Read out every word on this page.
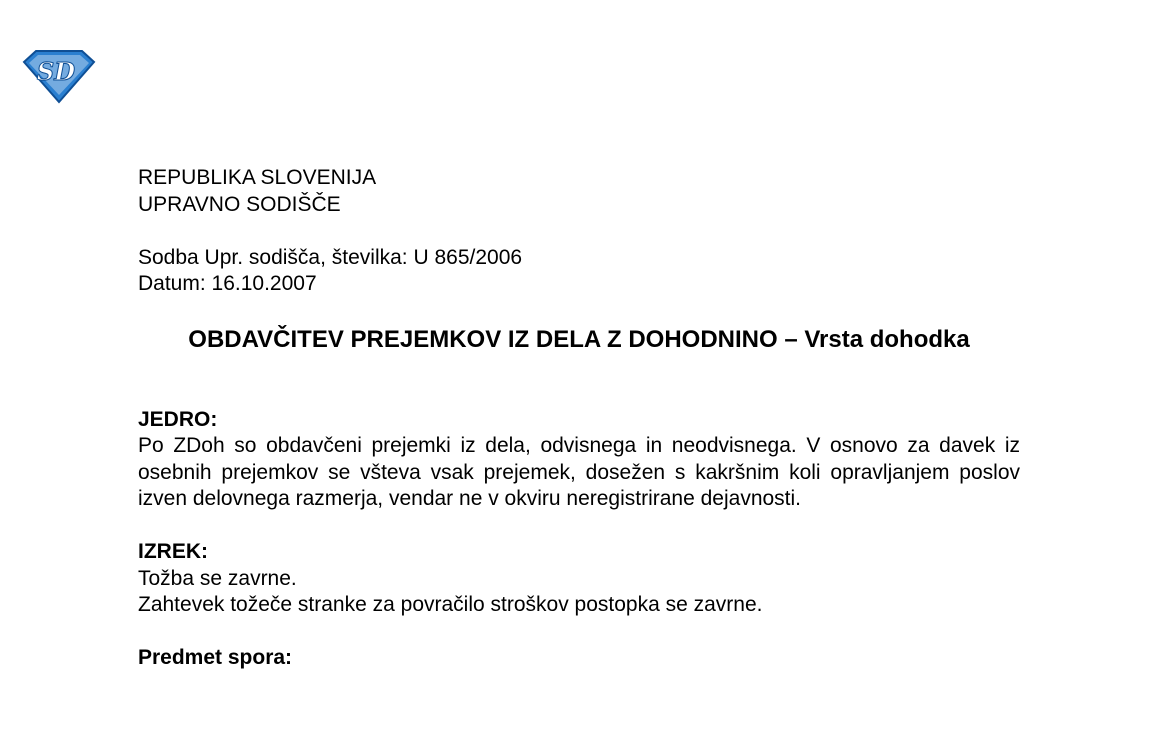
SD
REPUBLIKA SLOVENIJA
UPRAVNO SODIŠČE
Sodba Upr. sodišča, številka: U 865/2006
Datum: 16.10.2007
OBDAVČITEV PREJEMKOV IZ DELA Z DOHODNINO – Vrsta dohodka
JEDRO:
Po ZDoh so obdavčeni prejemki iz dela, odvisnega in neodvisnega. V osnovo za davek iz osebnih prejemkov se všteva vsak prejemek, dosežen s kakršnim koli opravljanjem poslov izven delovnega razmerja, vendar ne v okviru neregistrirane dejavnosti.
IZREK:
Tožba se zavrne.
Zahtevek tožeče stranke za povračilo stroškov postopka se zavrne.
Predmet spora:
